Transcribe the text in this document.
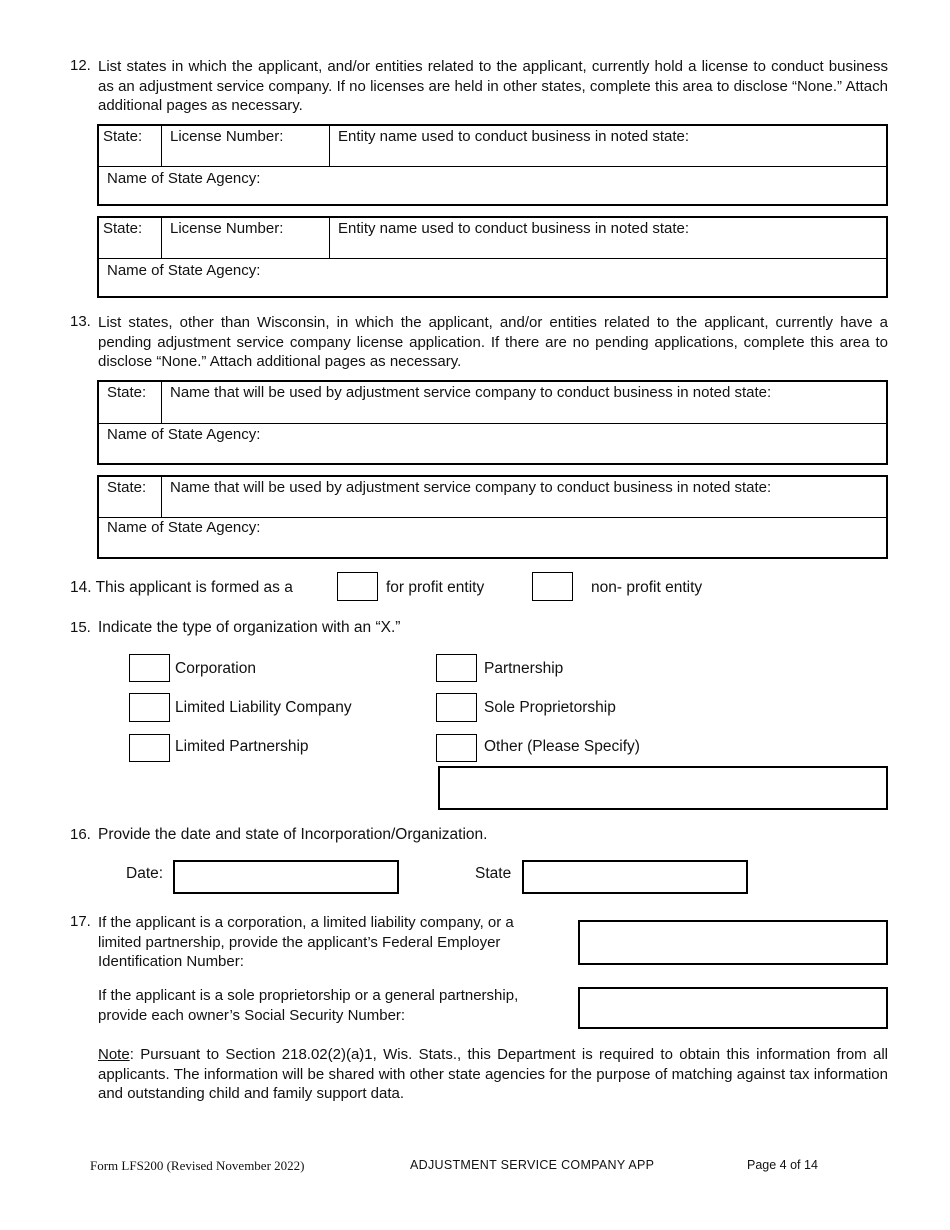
12. List states in which the applicant, and/or entities related to the applicant, currently hold a license to conduct business as an adjustment service company. If no licenses are held in other states, complete this area to disclose “None.” Attach additional pages as necessary.
State: License Number:	Entity name used to conduct business in noted state:
Name of State Agency:
State: License Number:	Entity name used to conduct business in noted state:
Name of State Agency:
13. List states, other than Wisconsin, in which the applicant, and/or entities related to the applicant, currently have a pending adjustment service company license application. If there are no pending applications, complete this area to disclose “None.” Attach additional pages as necessary.
State: Name that will be used by adjustment service company to conduct business in noted state:
Name of State Agency:
State: Name that will be used by adjustment service company to conduct business in noted state:
Name of State Agency:
14. This applicant is formed as a	for profit entity	non- profit entity
15. Indicate the type of organization with an “X.”
Corporation	Partnership
Limited Liability Company	Sole Proprietorship
Limited Partnership	Other (Please Specify)
16. Provide the date and state of Incorporation/Organization.
Date:	State
17. If the applicant is a corporation, a limited liability company, or a limited partnership, provide the applicant’s Federal Employer Identification Number:
If the applicant is a sole proprietorship or a general partnership, provide each owner’s Social Security Number:
Note: Pursuant to Section 218.02(2)(a)1, Wis. Stats., this Department is required to obtain this information from all applicants. The information will be shared with other state agencies for the purpose of matching against tax information and outstanding child and family support data.
Form LFS200 (Revised November 2022)	ADJUSTMENT SERVICE COMPANY APP	Page 4 of 14
